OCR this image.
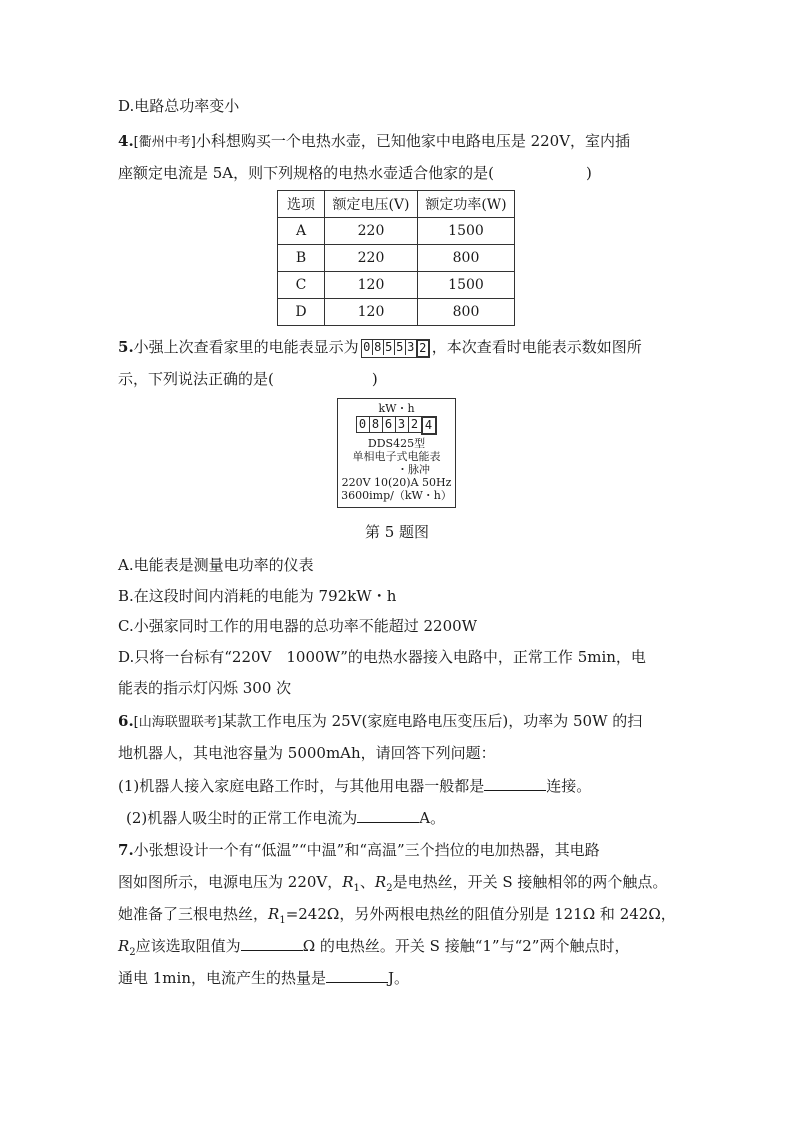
D.电路总功率变小
4.[衢州中考]小科想购买一个电热水壶，已知他家中电路电压是 220V，室内插
座额定电流是 5A，则下列规格的电热水壶适合他家的是(	)
选项	额定电压(V)	额定功率(W)
A	220	1500
B	220	800
C	120	1500
D	120	800
5.小强上次查看家里的电能表显示为 0 8 5 5 3 2 ，本次查看时电能表示数如图所
示，下列说法正确的是(	)
kW・h
0 8 6 3 2 4
DDS425型
单相电子式电能表
・脉冲
220V 10(20)A 50Hz
3600imp/（kW・h）
第 5 题图
A.电能表是测量电功率的仪表
B.在这段时间内消耗的电能为 792kW・h
C.小强家同时工作的用电器的总功率不能超过 2200W
D.只将一台标有“220V　1000W”的电热水器接入电路中，正常工作 5min，电
能表的指示灯闪烁 300 次
6.[山海联盟联考]某款工作电压为 25V(家庭电路电压变压后)，功率为 50W 的扫
地机器人，其电池容量为 5000mAh，请回答下列问题：
(1)机器人接入家庭电路工作时，与其他用电器一般都是	连接。
(2)机器人吸尘时的正常工作电流为	A。
7.小张想设计一个有“低温”“中温”和“高温”三个挡位的电加热器，其电路
图如图所示，电源电压为 220V，$R_1$、$R_2$是电热丝，开关 S 接触相邻的两个触点。
她准备了三根电热丝，$R_1=242\Omega$，另外两根电热丝的阻值分别是 121Ω 和 242Ω，
$R_2$应该选取阻值为	Ω 的电热丝。开关 S 接触“1”与“2”两个触点时，
通电 1min，电流产生的热量是	J。
